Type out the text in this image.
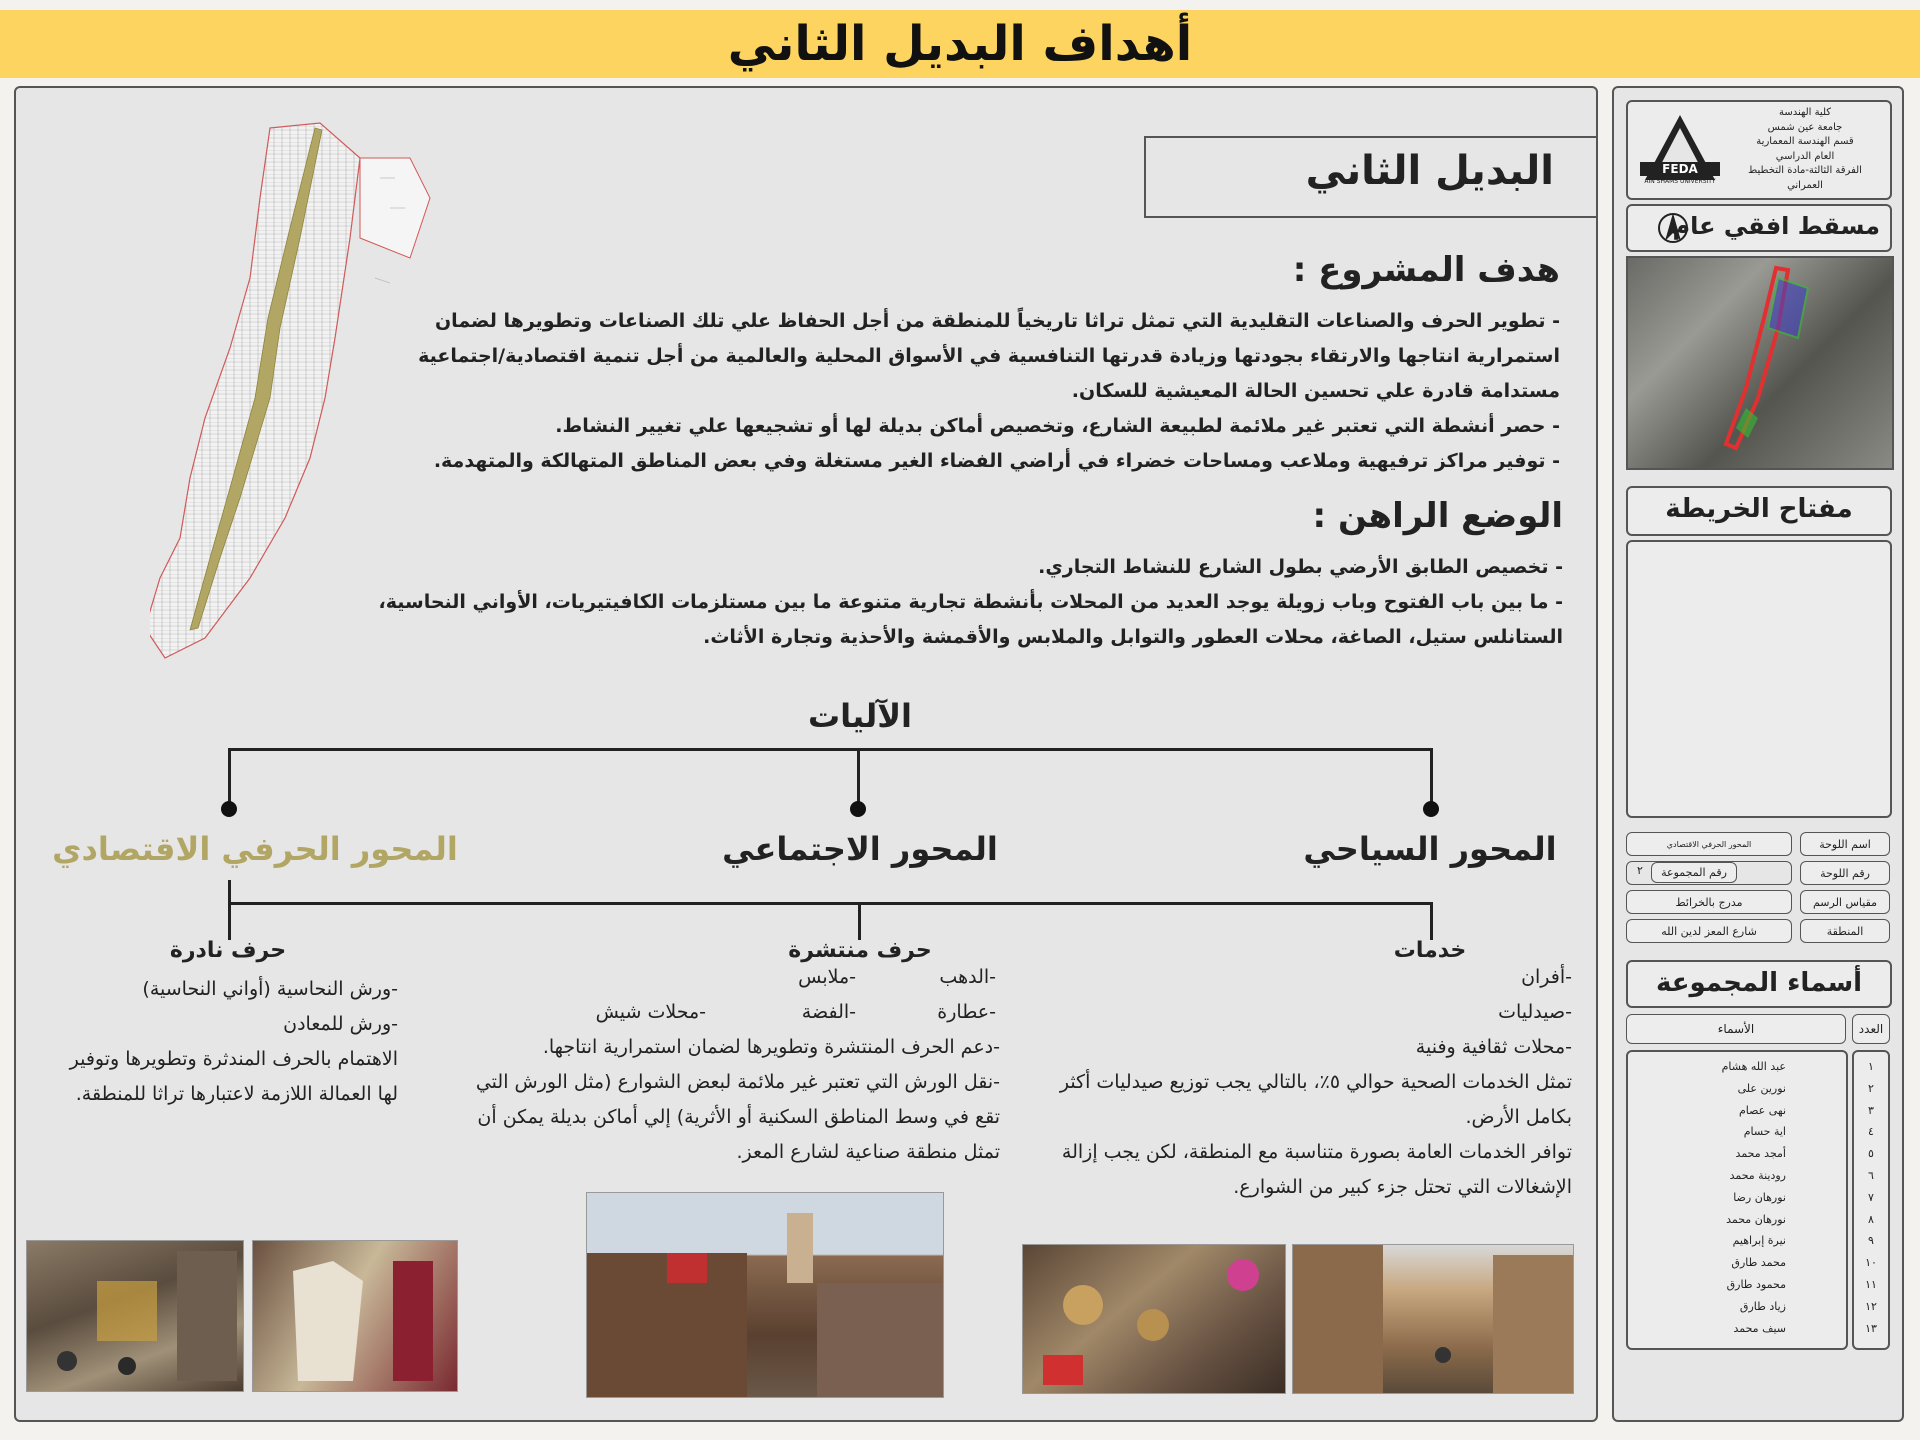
أهداف البديل الثاني
البديل الثاني
هدف المشروع :
- تطوير الحرف والصناعات التقليدية التي تمثل تراثا تاريخياً للمنطقة من أجل الحفاظ علي تلك الصناعات وتطويرها لضمان
استمرارية انتاجها والارتقاء بجودتها وزيادة قدرتها التنافسية في الأسواق المحلية والعالمية من أجل تنمية اقتصادية/اجتماعية
مستدامة قادرة علي تحسين الحالة المعيشية للسكان.
- حصر أنشطة التي تعتبر غير ملائمة لطبيعة الشارع، وتخصيص أماكن بديلة لها أو تشجيعها علي تغيير النشاط.
- توفير مراكز ترفيهية وملاعب ومساحات خضراء في أراضي الفضاء الغير مستغلة وفي بعض المناطق المتهالكة والمتهدمة.
الوضع الراهن :
- تخصيص الطابق الأرضي بطول الشارع للنشاط التجاري.
- ما بين باب الفتوح وباب زويلة يوجد العديد من المحلات بأنشطة تجارية متنوعة ما بين مستلزمات الكافيتيريات، الأواني النحاسية،
الستانلس ستيل، الصاغة، محلات العطور والتوابل والملابس والأقمشة والأحذية وتجارة الأثاث.
الآليات
المحور السياحي
المحور الاجتماعي
المحور الحرفي الاقتصادي
خدمات
-أفران
-صيدليات
-محلات ثقافية وفنية
تمثل الخدمات الصحية حوالي ٥٪، بالتالي يجب توزيع صيدليات أكثر
بكامل الأرض.
توافر الخدمات العامة بصورة متناسبة مع المنطقة، لكن يجب إزالة
الإشغالات التي تحتل جزء كبير من الشوارع.
حرف منتشرة
-الدهب
-ملابس
-عطارة
-الفضة
-محلات شيش
-دعم الحرف المنتشرة وتطويرها لضمان استمرارية انتاجها.
-نقل الورش التي تعتبر غير ملائمة لبعض الشوارع (مثل الورش التي
تقع في وسط المناطق السكنية أو الأثرية) إلي أماكن بديلة يمكن أن
تمثل منطقة صناعية لشارع المعز.
حرف نادرة
-ورش النحاسية (أواني النحاسية)
-ورش للمعادن
الاهتمام بالحرف المندثرة وتطويرها وتوفير
لها العمالة اللازمة لاعتبارها تراثا للمنطقة.
FEDA
AIN SHAMS UNIVERSITY
كلية الهندسة
جامعة عين شمس
قسم الهندسة المعمارية
العام الدراسي
الفرقة الثالثة-مادة التخطيط
العمراني
مسقط افقي عام
مفتاح الخريطة
اسم اللوحة
المحور الحرفي الاقتصادي
رقم اللوحة
رقم المجموعة
٢
مقياس الرسم
مدرج بالخرائط
المنطقة
شارع المعز لدين الله
أسماء المجموعة
العدد
الأسماء
١
٢
٣
٤
٥
٦
٧
٨
٩
١٠
١١
١٢
١٣
عبد الله هشام
نورين على
نهى عصام
اية حسام
أمجد محمد
رودينة محمد
نورهان رضا
نورهان محمد
نيرة إبراهيم
محمد طارق
محمود طارق
زياد طارق
سيف محمد
